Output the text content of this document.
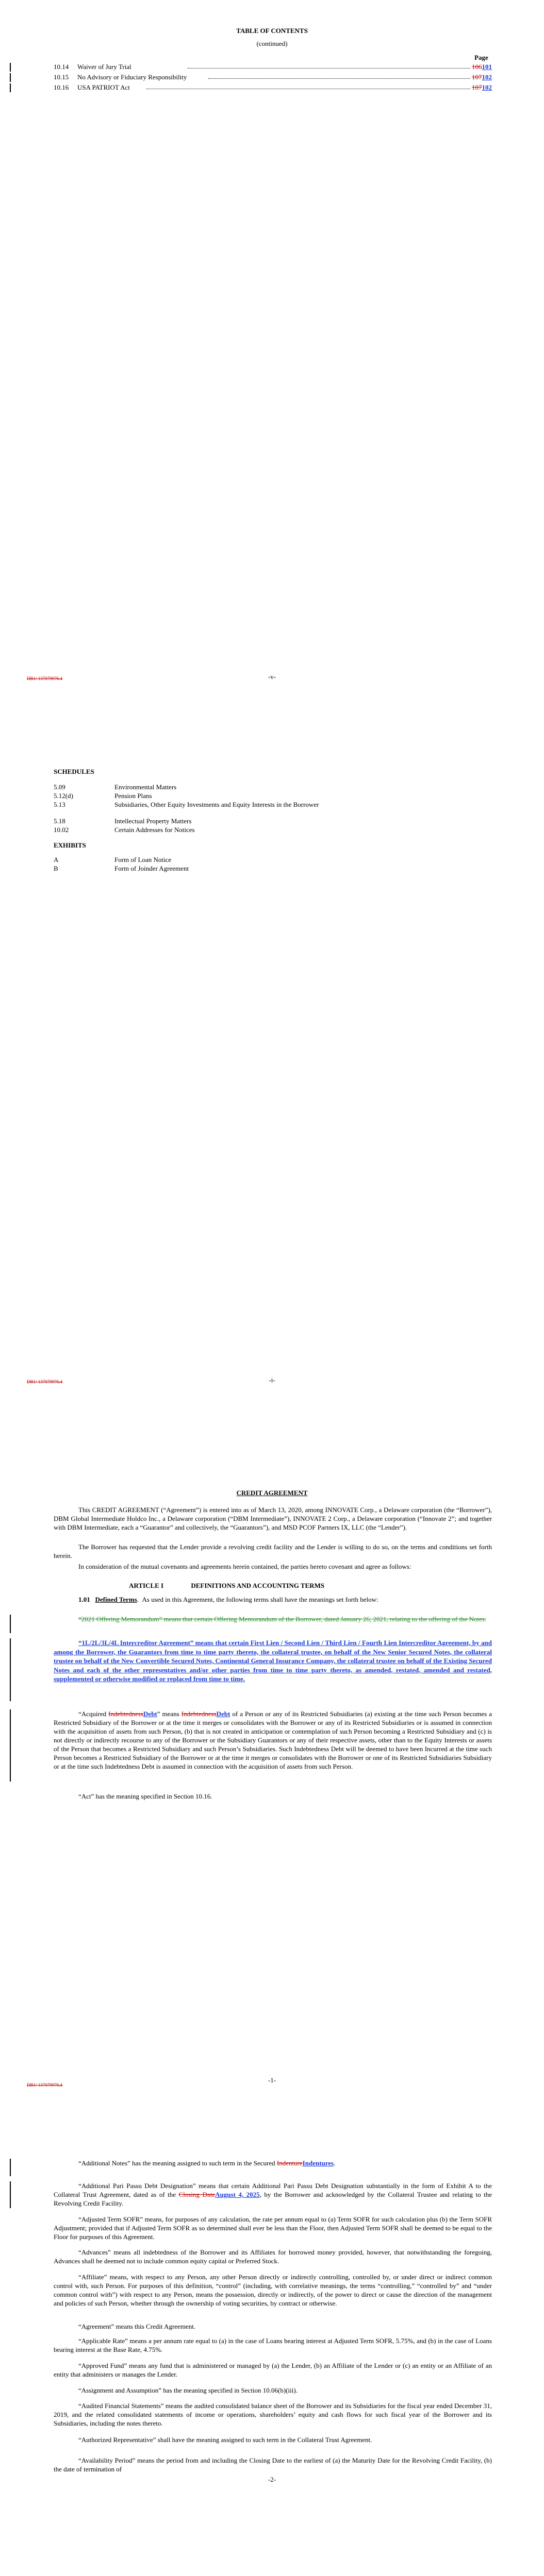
TABLE OF CONTENTS
(continued)
Page
10.14 Waiver of Jury Trial	106101
10.15 No Advisory or Fiduciary Responsibility	107102
10.16 USA PATRIOT Act	107102
DB1/ 137079976.4	-v-
SCHEDULES
5.09	Environmental Matters
5.12(d)	Pension Plans
5.13	Subsidiaries, Other Equity Investments and Equity Interests in the Borrower
5.18	Intellectual Property Matters
10.02	Certain Addresses for Notices
EXHIBITS
A	Form of Loan Notice
B	Form of Joinder Agreement
DB1/ 137079976.4	-i-
CREDIT AGREEMENT
This CREDIT AGREEMENT (“Agreement”) is entered into as of March 13, 2020, among INNOVATE Corp., a Delaware corporation (the “Borrower”), DBM Global Intermediate Holdco Inc., a Delaware corporation (“DBM Intermediate”), INNOVATE 2 Corp., a Delaware corporation (“Innovate 2”; and together with DBM Intermediate, each a “Guarantor” and collectively, the “Guarantors”), and MSD PCOF Partners IX, LLC (the “Lender”).
The Borrower has requested that the Lender provide a revolving credit facility and the Lender is willing to do so, on the terms and conditions set forth herein.
In consideration of the mutual covenants and agreements herein contained, the parties hereto covenant and agree as follows:
ARTICLE I	DEFINITIONS AND ACCOUNTING TERMS
1.01 Defined Terms.  As used in this Agreement, the following terms shall have the meanings set forth below:
“2021 Offering Memorandum” means that certain Offering Memorandum of the Borrower, dated January 26, 2021, relating to the offering of the Notes.
“1L/2L/3L/4L Intercreditor Agreement” means that certain First Lien / Second Lien / Third Lien / Fourth Lien Intercreditor Agreement, by and among the Borrower, the Guarantors from time to time party thereto, the collateral trustee, on behalf of the New Senior Secured Notes, the collateral trustee on behalf of the New Convertible Secured Notes, Continental General Insurance Company, the collateral trustee on behalf of the Existing Secured Notes and each of the other representatives and/or other parties from time to time party thereto, as amended, restated, amended and restated, supplemented or otherwise modified or replaced from time to time.
“Acquired IndebtednessDebt” means IndebtednessDebt of a Person or any of its Restricted Subsidiaries (a) existing at the time such Person becomes a Restricted Subsidiary of the Borrower or at the time it merges or consolidates with the Borrower or any of its Restricted Subsidiaries or is assumed in connection with the acquisition of assets from such Person, (b) that is not created in anticipation or contemplation of such Person becoming a Restricted Subsidiary and (c) is not directly or indirectly recourse to any of the Borrower or the Subsidiary Guarantors or any of their respective assets, other than to the Equity Interests or assets of the Person that becomes a Restricted Subsidiary and such Person’s Subsidiaries. Such Indebtedness Debt will be deemed to have been Incurred at the time such Person becomes a Restricted Subsidiary of the Borrower or at the time it merges or consolidates with the Borrower or one of its Restricted Subsidiaries Subsidiary or at the time such Indebtedness Debt is assumed in connection with the acquisition of assets from such Person.
“Act” has the meaning specified in Section 10.16.
DB1/ 137079976.4
-1-
“Additional Notes” has the meaning assigned to such term in the Secured IndentureIndentures.
“Additional Pari Passu Debt Designation” means that certain Additional Pari Passu Debt Designation substantially in the form of Exhibit A to the Collateral Trust Agreement, dated as of the Closing DateAugust 4, 2025, by the Borrower and acknowledged by the Collateral Trustee and relating to the Revolving Credit Facility.
“Adjusted Term SOFR” means, for purposes of any calculation, the rate per annum equal to (a) Term SOFR for such calculation plus (b) the Term SOFR Adjustment; provided that if Adjusted Term SOFR as so determined shall ever be less than the Floor, then Adjusted Term SOFR shall be deemed to be equal to the Floor for purposes of this Agreement.
“Advances” means all indebtedness of the Borrower and its Affiliates for borrowed money provided, however, that notwithstanding the foregoing, Advances shall be deemed not to include common equity capital or Preferred Stock.
“Affiliate” means, with respect to any Person, any other Person directly or indirectly controlling, controlled by, or under direct or indirect common control with, such Person. For purposes of this definition, “control” (including, with correlative meanings, the terms “controlling,” “controlled by” and “under common control with”) with respect to any Person, means the possession, directly or indirectly, of the power to direct or cause the direction of the management and policies of such Person, whether through the ownership of voting securities, by contract or otherwise.
“Agreement” means this Credit Agreement.
“Applicable Rate” means a per annum rate equal to (a) in the case of Loans bearing interest at Adjusted Term SOFR, 5.75%, and (b) in the case of Loans bearing interest at the Base Rate, 4.75%.
“Approved Fund” means any fund that is administered or managed by (a) the Lender, (b) an Affiliate of the Lender or (c) an entity or an Affiliate of an entity that administers or manages the Lender.
“Assignment and Assumption” has the meaning specified in Section 10.06(b)(iii).
“Audited Financial Statements” means the audited consolidated balance sheet of the Borrower and its Subsidiaries for the fiscal year ended December 31, 2019, and the related consolidated statements of income or operations, shareholders’ equity and cash flows for such fiscal year of the Borrower and its Subsidiaries, including the notes thereto.
“Authorized Representative” shall have the meaning assigned to such term in the Collateral Trust Agreement.
“Availability Period” means the period from and including the Closing Date to the earliest of (a) the Maturity Date for the Revolving Credit Facility, (b) the date of termination of
-2-
